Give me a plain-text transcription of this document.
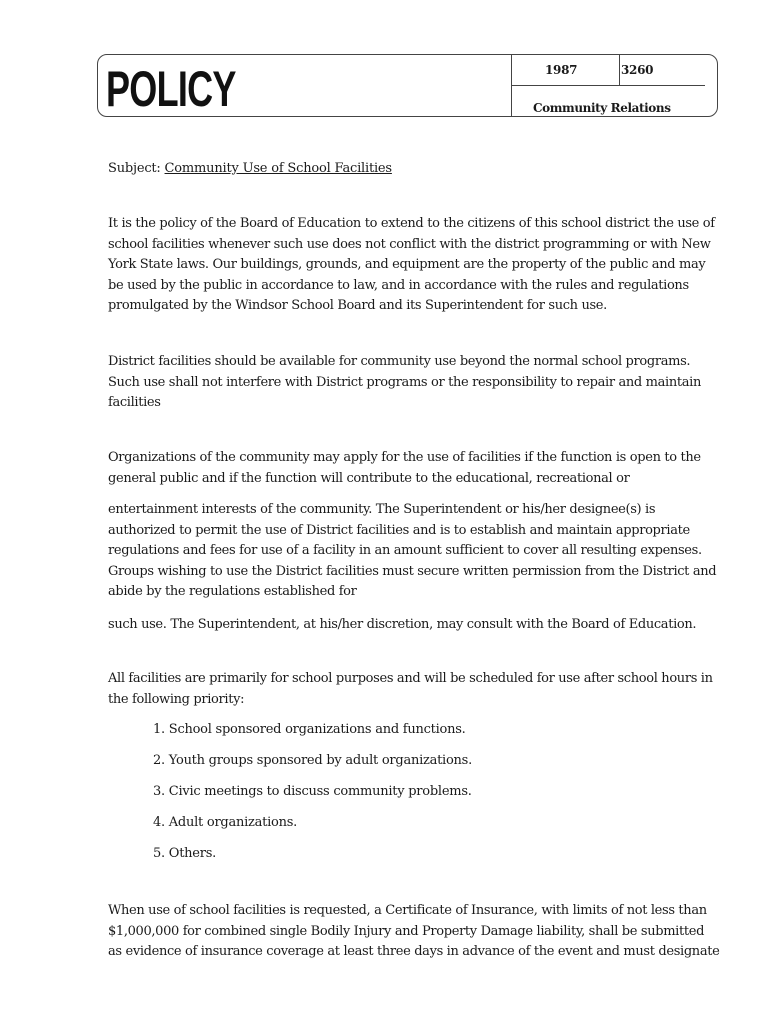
POLICY	1987	3260
Community Relations
Subject: Community Use of School Facilities

It is the policy of the Board of Education to extend to the citizens of this school district the use of school facilities whenever such use does not conflict with the district programming or with New York State laws. Our buildings, grounds, and equipment are the property of the public and may be used by the public in accordance to law, and in accordance with the rules and regulations promulgated by the Windsor School Board and its Superintendent for such use.

District facilities should be available for community use beyond the normal school programs. Such use shall not interfere with District programs or the responsibility to repair and maintain facilities

Organizations of the community may apply for the use of facilities if the function is open to the general public and if the function will contribute to the educational, recreational or

entertainment interests of the community. The Superintendent or his/her designee(s) is authorized to permit the use of District facilities and is to establish and maintain appropriate regulations and fees for use of a facility in an amount sufficient to cover all resulting expenses. Groups wishing to use the District facilities must secure written permission from the District and abide by the regulations established for

such use. The Superintendent, at his/her discretion, may consult with the Board of Education.

All facilities are primarily for school purposes and will be scheduled for use after school hours in the following priority:

1. School sponsored organizations and functions.
2. Youth groups sponsored by adult organizations.
3. Civic meetings to discuss community problems.
4. Adult organizations.
5. Others.

When use of school facilities is requested, a Certificate of Insurance, with limits of not less than $1,000,000 for combined single Bodily Injury and Property Damage liability, shall be submitted as evidence of insurance coverage at least three days in advance of the event and must designate
